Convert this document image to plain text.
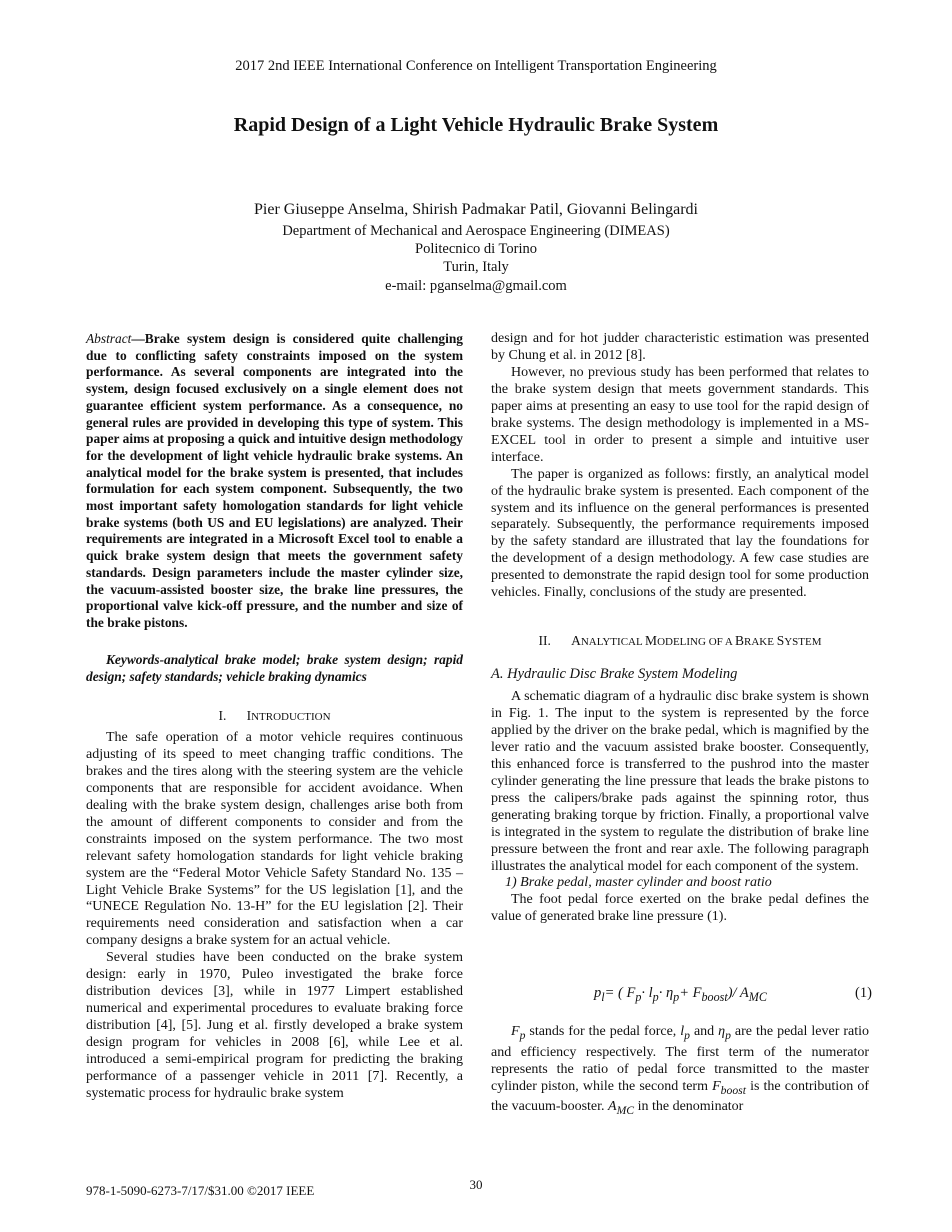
2017 2nd IEEE International Conference on Intelligent Transportation Engineering
Rapid Design of a Light Vehicle Hydraulic Brake System
Pier Giuseppe Anselma, Shirish Padmakar Patil, Giovanni Belingardi
Department of Mechanical and Aerospace Engineering (DIMEAS)
Politecnico di Torino
Turin, Italy
e-mail: pganselma@gmail.com

Abstract—Brake system design is considered quite challenging due to conflicting safety constraints imposed on the system performance. As several components are integrated into the system, design focused exclusively on a single element does not guarantee efficient system performance. As a consequence, no general rules are provided in developing this type of system. This paper aims at proposing a quick and intuitive design methodology for the development of light vehicle hydraulic brake systems. An analytical model for the brake system is presented, that includes formulation for each system component. Subsequently, the two most important safety homologation standards for light vehicle brake systems (both US and EU legislations) are analyzed. Their requirements are integrated in a Microsoft Excel tool to enable a quick brake system design that meets the government safety standards. Design parameters include the master cylinder size, the vacuum-assisted booster size, the brake line pressures, the proportional valve kick-off pressure, and the number and size of the brake pistons.

Keywords-analytical brake model; brake system design; rapid design; safety standards; vehicle braking dynamics

I. INTRODUCTION

The safe operation of a motor vehicle requires continuous adjusting of its speed to meet changing traffic conditions. The brakes and the tires along with the steering system are the vehicle components that are responsible for accident avoidance. When dealing with the brake system design, challenges arise both from the amount of different components to consider and from the constraints imposed on the system performance. The two most relevant safety homologation standards for light vehicle braking system are the “Federal Motor Vehicle Safety Standard No. 135 – Light Vehicle Brake Systems” for the US legislation [1], and the “UNECE Regulation No. 13-H” for the EU legislation [2]. Their requirements need consideration and satisfaction when a car company designs a brake system for an actual vehicle.

Several studies have been conducted on the brake system design: early in 1970, Puleo investigated the brake force distribution devices [3], while in 1977 Limpert established numerical and experimental procedures to evaluate braking force distribution [4], [5]. Jung et al. firstly developed a brake system design program for vehicles in 2008 [6], while Lee et al. introduced a semi-empirical program for predicting the braking performance of a passenger vehicle in 2011 [7]. Recently, a systematic process for hydraulic brake system

design and for hot judder characteristic estimation was presented by Chung et al. in 2012 [8].

However, no previous study has been performed that relates to the brake system design that meets government standards. This paper aims at presenting an easy to use tool for the rapid design of brake systems. The design methodology is implemented in a MS-EXCEL tool in order to present a simple and intuitive user interface.

The paper is organized as follows: firstly, an analytical model of the hydraulic brake system is presented. Each component of the system and its influence on the general performances is presented separately. Subsequently, the performance requirements imposed by the safety standard are illustrated that lay the foundations for the development of a design methodology. A few case studies are presented to demonstrate the rapid design tool for some production vehicles. Finally, conclusions of the study are presented.

II. ANALYTICAL MODELING OF A BRAKE SYSTEM
A. Hydraulic Disc Brake System Modeling

A schematic diagram of a hydraulic disc brake system is shown in Fig. 1. The input to the system is represented by the force applied by the driver on the brake pedal, which is magnified by the lever ratio and the vacuum assisted brake booster. Consequently, this enhanced force is transferred to the pushrod into the master cylinder generating the line pressure that leads the brake pistons to press the calipers/brake pads against the spinning rotor, thus generating braking torque by friction. Finally, a proportional valve is integrated in the system to regulate the distribution of brake line pressure between the front and rear axle. The following paragraph illustrates the analytical model for each component of the system.

1) Brake pedal, master cylinder and boost ratio

The foot pedal force exerted on the brake pedal defines the value of generated brake line pressure (1).

$p_l=$ ( $F_p\cdot l_p\cdot \eta_p+ F_{boost})/$ $A_{MC}$	(1)

$F_p$ stands for the pedal force, $l_p$ and $\eta_p$ are the pedal lever ratio and efficiency respectively. The first term of the numerator represents the ratio of pedal force transmitted to the master cylinder piston, while the second term $F_{boost}$ is the contribution of the vacuum-booster. $A_{MC}$ in the denominator

30
978-1-5090-6273-7/17/$31.00 ©2017 IEEE
